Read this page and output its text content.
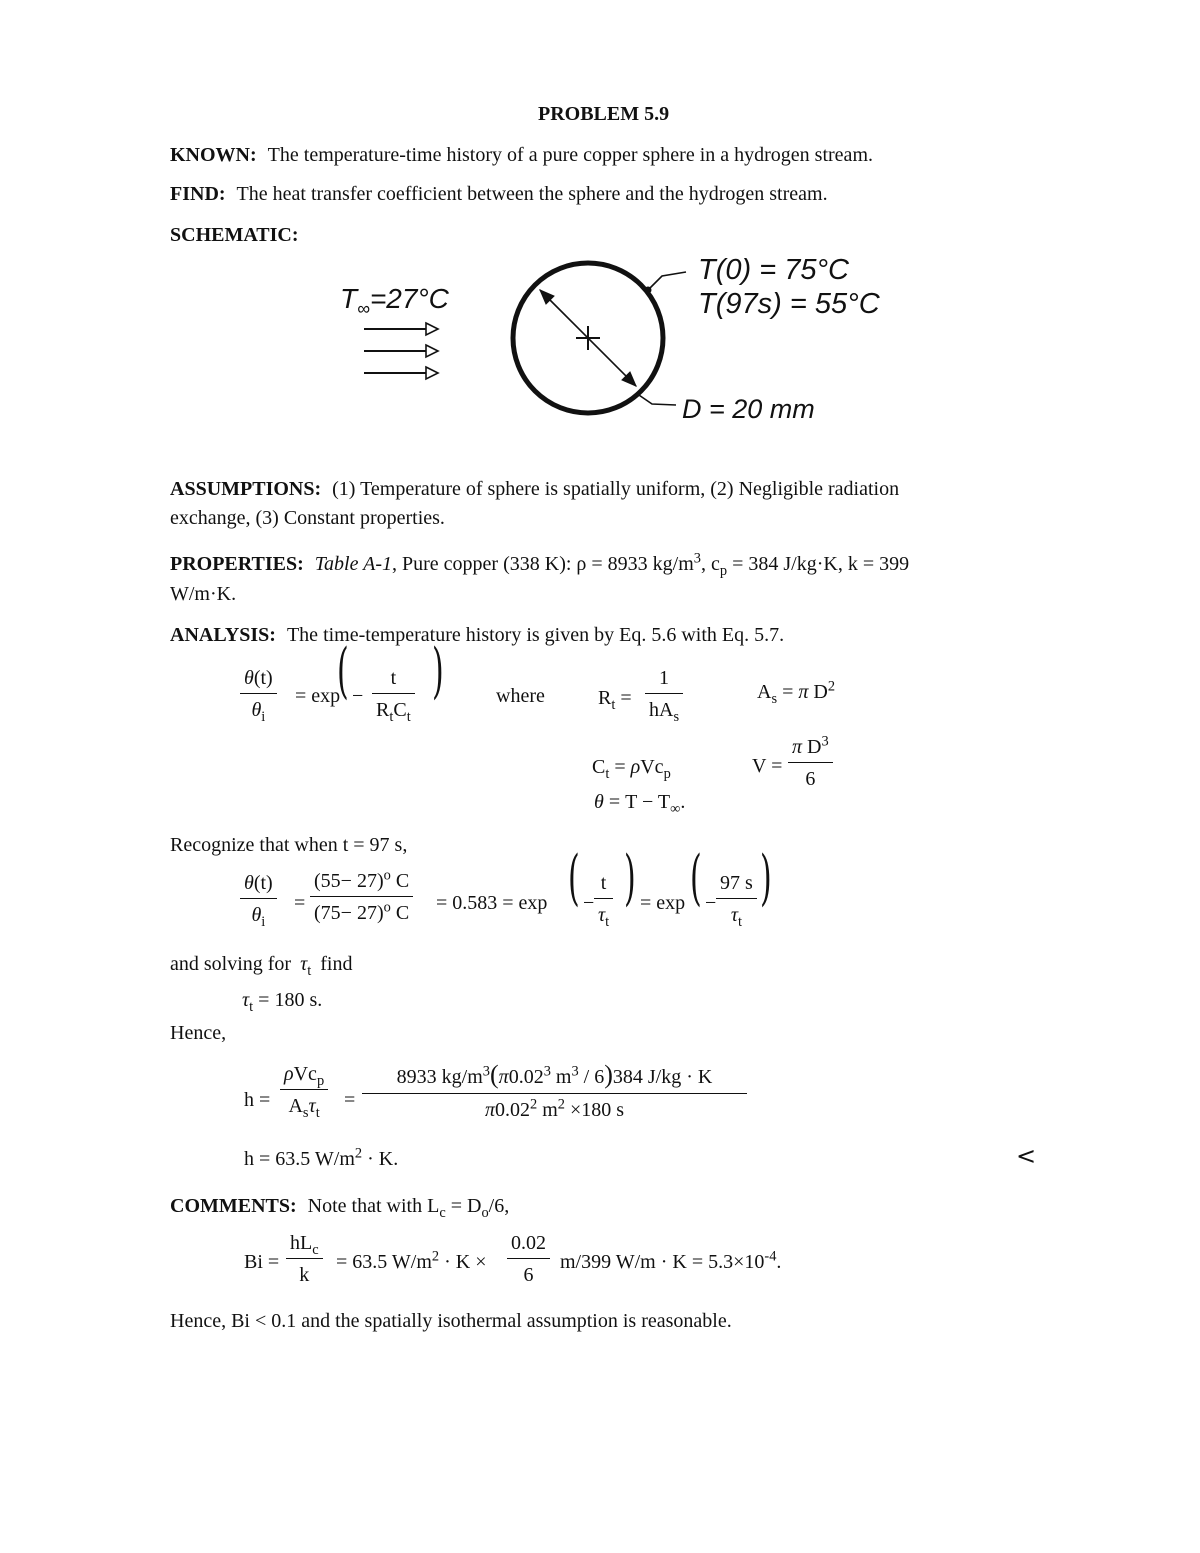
PROBLEM 5.9
KNOWN: The temperature-time history of a pure copper sphere in a hydrogen stream.
FIND: The heat transfer coefficient between the sphere and the hydrogen stream.
SCHEMATIC:
$T_\infty=27^\circ C$
T(0) = 75°C
T(97s) = 55°C
D = 20 mm
ASSUMPTIONS: (1) Temperature of sphere is spatially uniform, (2) Negligible radiation
exchange, (3) Constant properties.
PROPERTIES: Table A-1, Pure copper (338 K): ρ = 8933 $kg/m^3$, $c_p = 384$ J/kg·K, k = 399
W/m·K.
ANALYSIS: The time-temperature history is given by Eq. 5.6 with Eq. 5.7.
θ(t)
$\theta_i$
= exp
( −
t
$R_tC_t$
)	where	$R_t$ =
1
$hA_s$
$A_s = \pi$ $D^2$
$C_t = \rho Vc_p$	V =
π $D^3$
6
$\theta = T - T_\infty$.
Recognize that when t = 97 s,
θ(t)
$\theta_i$
=
$(55- 27)^o$ C
$(75- 27)^o$ C = 0.583 = exp ( −
t
$\tau_t$
) = exp ( −
97 s
$\tau_t$
)
and solving for $\tau_t$ find
$\tau_t = 180$ s.
Hence,
h =
ρVc$_p$
$A_s\tau_t$
=
8933 $kg/m^3(\pi 0.02^3$ $m^3 / 6)384$ J/kg · K
π0.02$^2$ $m^2 \times 180$ s
h = 63.5 $W/m^2 \cdot K$.	<
COMMENTS: Note that with $L_c = D_o/6$,
Bi =
$hL_c$
k
= 63.5 $W/m^2 \cdot K$ ×
0.02
6
m/399 $W/m \cdot K = 5.3\times 10^{-4}$.
Hence, Bi < 0.1 and the spatially isothermal assumption is reasonable.
